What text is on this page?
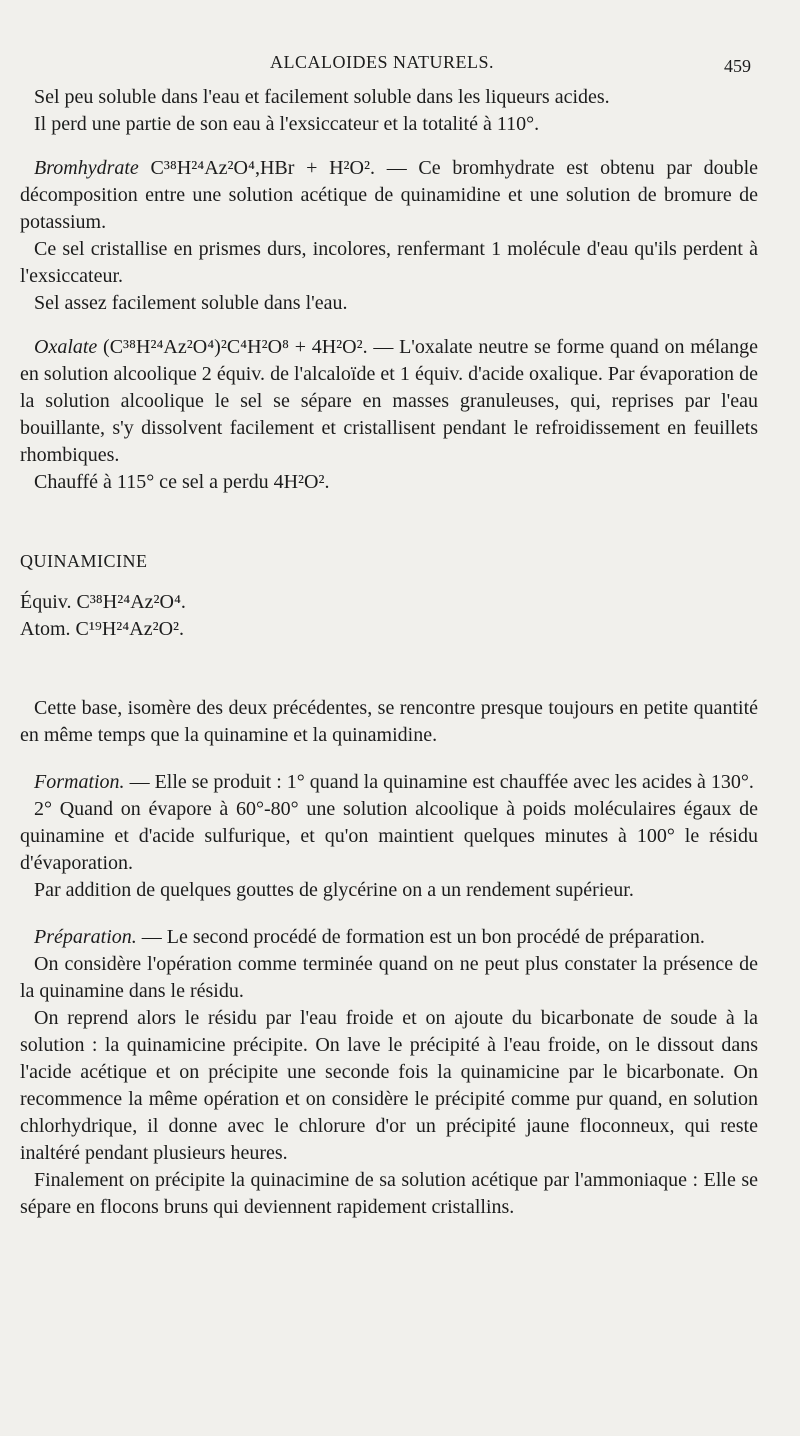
ALCALOIDES NATURELS.	459

Sel peu soluble dans l'eau et facilement soluble dans les liqueurs acides.

Il perd une partie de son eau à l'exsiccateur et la totalité à 110°.

Bromhydrate C³⁸H²⁴Az²O⁴,HBr + H²O². — Ce bromhydrate est obtenu par double décomposition entre une solution acétique de quinamidine et une solution de bromure de potassium.

Ce sel cristallise en prismes durs, incolores, renfermant 1 molécule d'eau qu'ils perdent à l'exsiccateur.

Sel assez facilement soluble dans l'eau.

Oxalate (C³⁸H²⁴Az²O⁴)²C⁴H²O⁸ + 4H²O². — L'oxalate neutre se forme quand on mélange en solution alcoolique 2 équiv. de l'alcaloïde et 1 équiv. d'acide oxalique. Par évaporation de la solution alcoolique le sel se sépare en masses granuleuses, qui, reprises par l'eau bouillante, s'y dissolvent facilement et cristallisent pendant le refroidissement en feuillets rhombiques.

Chauffé à 115° ce sel a perdu 4H²O².

QUINAMICINE

Équiv. C³⁸H²⁴Az²O⁴.

Atom. C¹⁹H²⁴Az²O².

Cette base, isomère des deux précédentes, se rencontre presque toujours en petite quantité en même temps que la quinamine et la quinamidine.

Formation. — Elle se produit : 1° quand la quinamine est chauffée avec les acides à 130°.

2° Quand on évapore à 60°-80° une solution alcoolique à poids moléculaires égaux de quinamine et d'acide sulfurique, et qu'on maintient quelques minutes à 100° le résidu d'évaporation.

Par addition de quelques gouttes de glycérine on a un rendement supérieur.

Préparation. — Le second procédé de formation est un bon procédé de préparation.

On considère l'opération comme terminée quand on ne peut plus constater la présence de la quinamine dans le résidu.

On reprend alors le résidu par l'eau froide et on ajoute du bicarbonate de soude à la solution : la quinamicine précipite. On lave le précipité à l'eau froide, on le dissout dans l'acide acétique et on précipite une seconde fois la quinamicine par le bicarbonate. On recommence la même opération et on considère le précipité comme pur quand, en solution chlorhydrique, il donne avec le chlorure d'or un précipité jaune floconneux, qui reste inaltéré pendant plusieurs heures.

Finalement on précipite la quinacimine de sa solution acétique par l'ammoniaque : Elle se sépare en flocons bruns qui deviennent rapidement cristallins.
